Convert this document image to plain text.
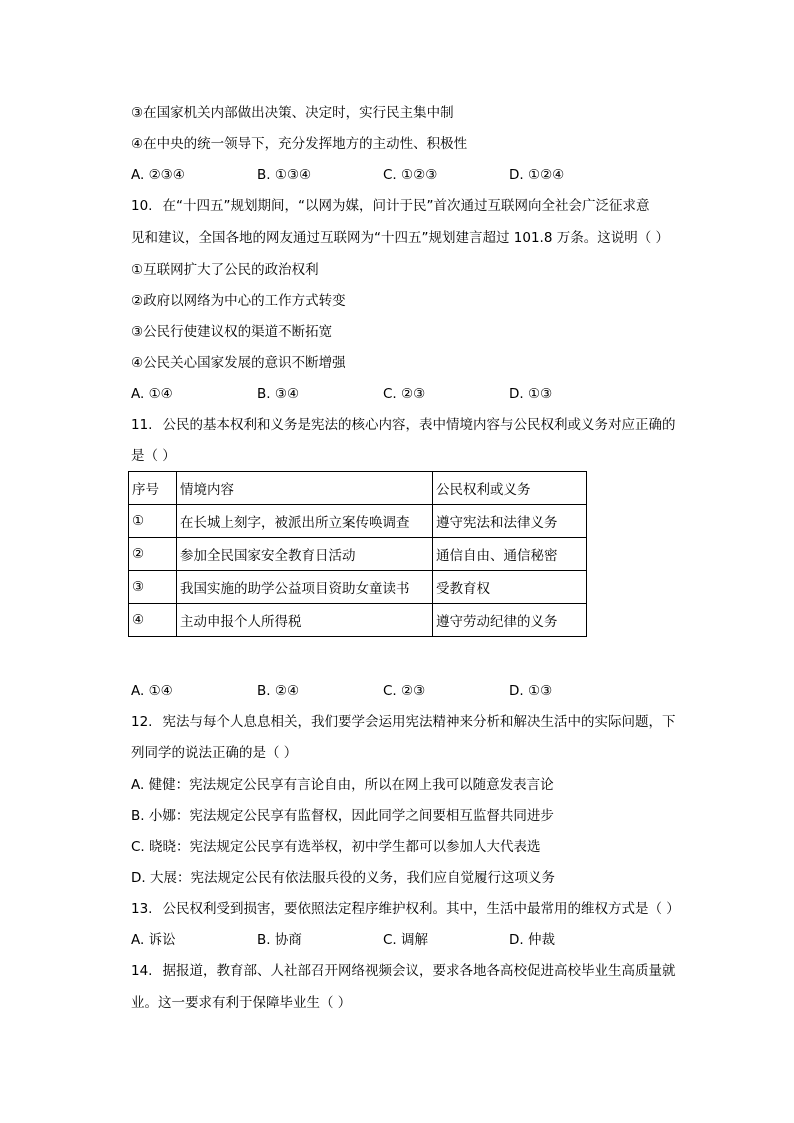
③在国家机关内部做出决策、决定时，实行民主集中制
④在中央的统一领导下，充分发挥地方的主动性、积极性
A. ②③④	B. ①③④	C. ①②③	D. ①②④
10. 在“十四五”规划期间，“以网为媒，问计于民”首次通过互联网向全社会广泛征求意
见和建议，全国各地的网友通过互联网为“十四五”规划建言超过 101.8 万条。这说明（ ）
①互联网扩大了公民的政治权利
②政府以网络为中心的工作方式转变
③公民行使建议权的渠道不断拓宽
④公民关心国家发展的意识不断增强
A. ①④	B. ③④	C. ②③	D. ①③
11. 公民的基本权利和义务是宪法的核心内容，表中情境内容与公民权利或义务对应正确的
是（ ）
序号	情境内容	公民权利或义务
①	在长城上刻字，被派出所立案传唤调查	遵守宪法和法律义务
②	参加全民国家安全教育日活动	通信自由、通信秘密
③	我国实施的助学公益项目资助女童读书	受教育权
④	主动申报个人所得税	遵守劳动纪律的义务
A. ①④	B. ②④	C. ②③	D. ①③
12. 宪法与每个人息息相关，我们要学会运用宪法精神来分析和解决生活中的实际问题，下
列同学的说法正确的是（ ）
A. 健健：宪法规定公民享有言论自由，所以在网上我可以随意发表言论
B. 小娜：宪法规定公民享有监督权，因此同学之间要相互监督共同进步
C. 晓晓：宪法规定公民享有选举权，初中学生都可以参加人大代表选
D. 大展：宪法规定公民有依法服兵役的义务，我们应自觉履行这项义务
13. 公民权利受到损害，要依照法定程序维护权利。其中，生活中最常用的维权方式是（ ）
A. 诉讼	B. 协商	C. 调解	D. 仲裁
14. 据报道，教育部、人社部召开网络视频会议，要求各地各高校促进高校毕业生高质量就
业。这一要求有利于保障毕业生（ ）
